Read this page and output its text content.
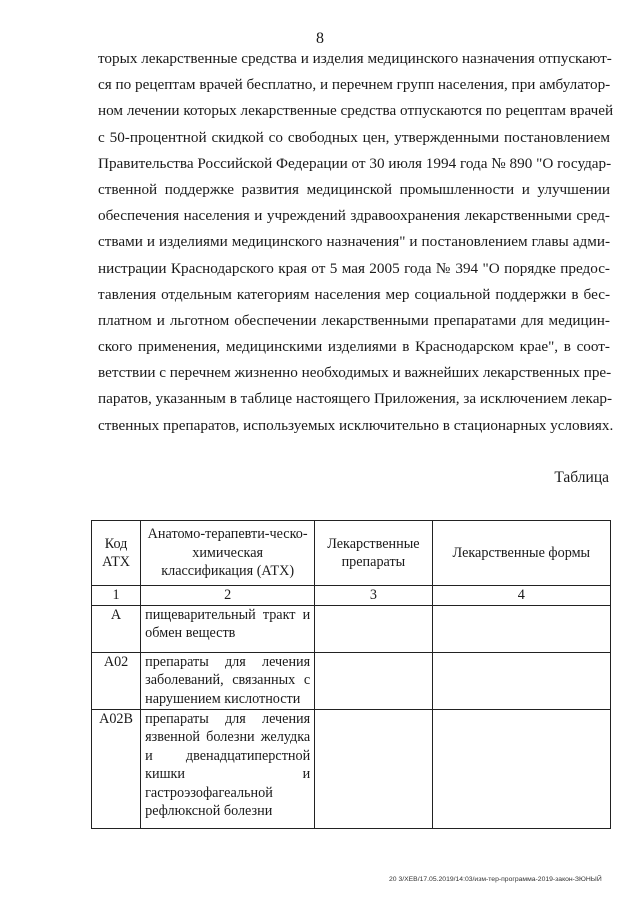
8
торых лекарственные средства и изделия медицинского назначения отпускают-
ся по рецептам врачей бесплатно, и перечнем групп населения, при амбулатор-
ном лечении которых лекарственные средства отпускаются по рецептам врачей
с 50-процентной скидкой со свободных цен, утвержденными постановлением
Правительства Российской Федерации от 30 июля 1994 года № 890 "О государ-
ственной поддержке развития медицинской промышленности и улучшении
обеспечения населения и учреждений здравоохранения лекарственными сред-
ствами и изделиями медицинского назначения" и постановлением главы адми-
нистрации Краснодарского края от 5 мая 2005 года № 394 "О порядке предос-
тавления отдельным категориям населения мер социальной поддержки в бес-
платном и льготном обеспечении лекарственными препаратами для медицин-
ского применения, медицинскими изделиями в Краснодарском крае", в соот-
ветствии с перечнем жизненно необходимых и важнейших лекарственных пре-
паратов, указанным в таблице настоящего Приложения, за исключением лекар-
ственных препаратов, используемых исключительно в стационарных условиях.
Таблица
Код АТХ	Анатомо-терапевти-ческо-химическая классификация (АТХ)	Лекарственные препараты	Лекарственные формы
1	2	3	4
А	пищеварительный тракт и обмен веществ		
А02	препараты для лечения заболеваний, связанных с нарушением кислотности		
А02В	препараты для лечения язвенной болезни желудка и двенадцатиперстной кишки и гастроэзофагеальной рефлюксной болезни		
20 3/ХЕВ/17.05.2019/14:03/изм-тер-программа-2019-закон-ЗЮНЫЙ
